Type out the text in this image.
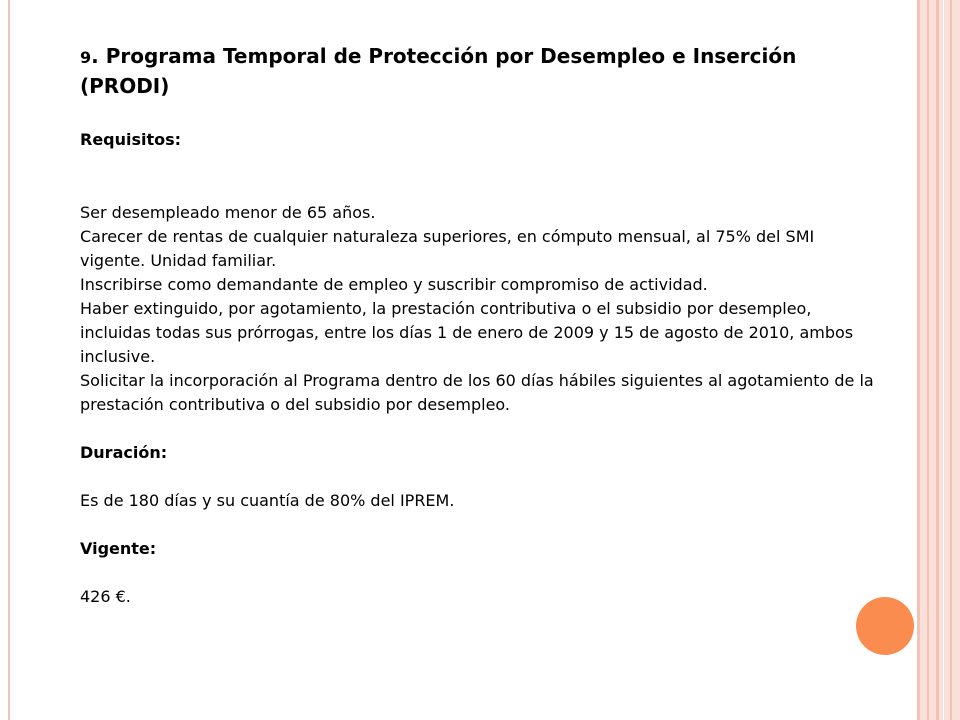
9. Programa Temporal de Protección por Desempleo e Inserción (PRODI)

Requisitos:

Ser desempleado menor de 65 años.

Carecer de rentas de cualquier naturaleza superiores, en cómputo mensual, al 75% del SMI vigente. Unidad familiar.

Inscribirse como demandante de empleo y suscribir compromiso de actividad.

Haber extinguido, por agotamiento, la prestación contributiva o el subsidio por desempleo, incluidas todas sus prórrogas, entre los días 1 de enero de 2009 y 15 de agosto de 2010, ambos inclusive.

Solicitar la incorporación al Programa dentro de los 60 días hábiles siguientes al agotamiento de la prestación contributiva o del subsidio por desempleo.

Duración:

Es de 180 días y su cuantía de 80% del IPREM.

Vigente:

426 €.
